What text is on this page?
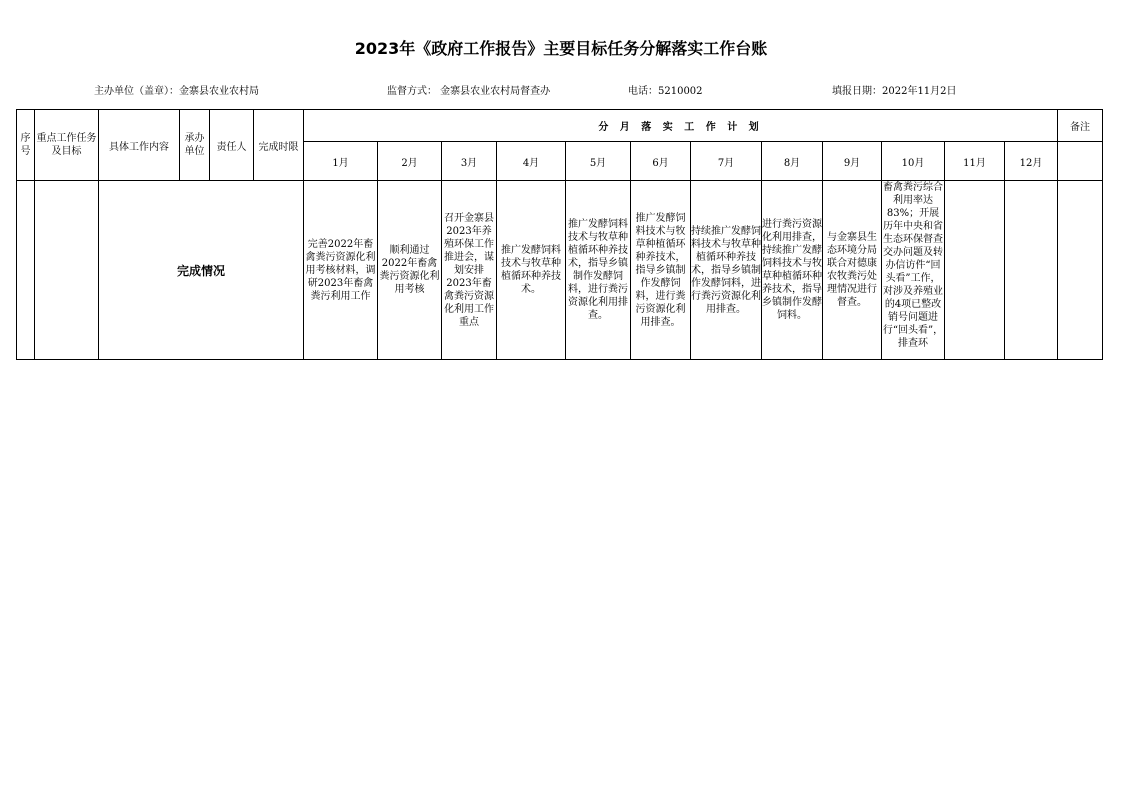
2023年《政府工作报告》主要目标任务分解落实工作台账
主办单位（盖章）：金寨县农业农村局	监督方式： 金寨县农业农村局督查办	电话：5210002	填报日期：2022年11月2日
序号	重点工作任务及目标	具体工作内容	承办单位	责任人	完成时限	分 月 落 实 工 作 计 划												备注
						1月	2月	3月	4月	5月	6月	7月	8月	9月	10月	11月	12月	
		完成情况				完善2022年畜禽粪污资源化利用考核材料，调研2023年畜禽粪污利用工作	顺利通过2022年畜禽粪污资源化利用考核	召开金寨县2023年养殖环保工作推进会，谋划安排2023年畜禽粪污资源化利用工作重点	推广发酵饲料技术与牧草种植循环种养技术。	推广发酵饲料技术与牧草种植循环种养技术，指导乡镇制作发酵饲料，进行粪污资源化利用排查。	推广发酵饲料技术与牧草种植循环种养技术，指导乡镇制作发酵饲料，进行粪污资源化利用排查。	持续推广发酵饲料技术与牧草种植循环种养技术，指导乡镇制作发酵饲料，进行粪污资源化利用排查。	进行粪污资源化利用排查，持续推广发酵饲料技术与牧草种植循环种养技术，指导乡镇制作发酵饲料。	与金寨县生态环境分局联合对德康农牧粪污处理情况进行督查。	畜禽粪污综合利用率达83%；开展历年中央和省生态环保督查交办问题及转办信访件“回头看”工作，对涉及养殖业的4项已整改销号问题进行“回头看”，排查环			
